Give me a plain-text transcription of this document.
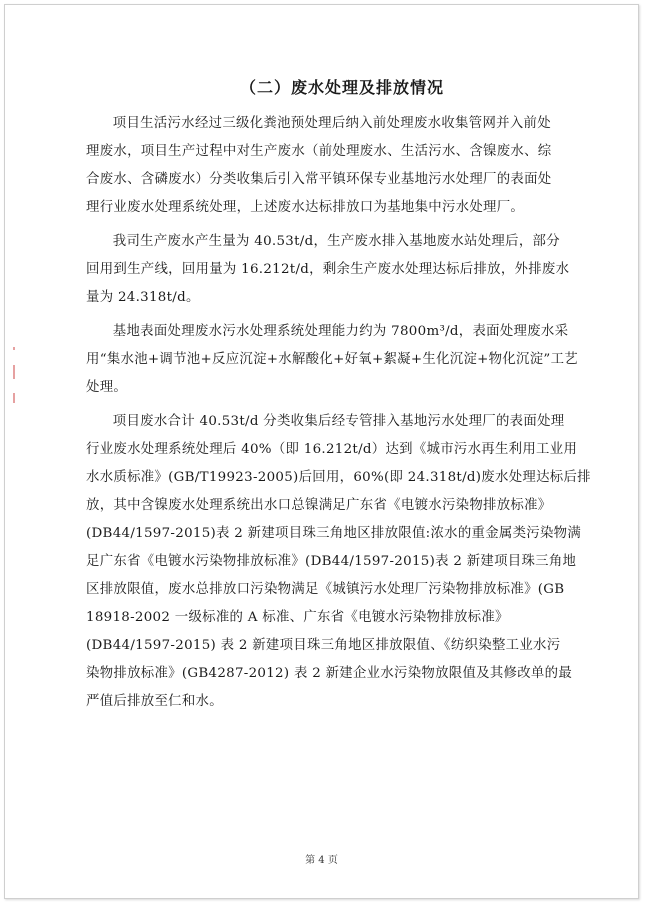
（二）废水处理及排放情况
项目生活污水经过三级化粪池预处理后纳入前处理废水收集管网并入前处
理废水，项目生产过程中对生产废水（前处理废水、生活污水、含镍废水、综
合废水、含磷废水）分类收集后引入常平镇环保专业基地污水处理厂的表面处
理行业废水处理系统处理，上述废水达标排放口为基地集中污水处理厂。
我司生产废水产生量为 40.53t/d，生产废水排入基地废水站处理后，部分
回用到生产线，回用量为 16.212t/d，剩余生产废水处理达标后排放，外排废水
量为 24.318t/d。
基地表面处理废水污水处理系统处理能力约为 7800m³/d，表面处理废水采
用“集水池+调节池+反应沉淀+水解酸化+好氧+絮凝+生化沉淀+物化沉淀”工艺
处理。
项目废水合计 40.53t/d 分类收集后经专管排入基地污水处理厂的表面处理
行业废水处理系统处理后 40%（即 16.212t/d）达到《城市污水再生利用工业用
水水质标准》(GB/T19923-2005)后回用，60%(即 24.318t/d)废水处理达标后排
放，其中含镍废水处理系统出水口总镍满足广东省《电镀水污染物排放标准》
(DB44/1597-2015)表 2 新建项目珠三角地区排放限值:浓水的重金属类污染物满
足广东省《电镀水污染物排放标准》(DB44/1597-2015)表 2 新建项目珠三角地
区排放限值，废水总排放口污染物满足《城镇污水处理厂污染物排放标准》(GB
18918-2002 一级标准的 A 标准、广东省《电镀水污染物排放标准》
(DB44/1597-2015) 表 2 新建项目珠三角地区排放限值、《纺织染整工业水污
染物排放标准》(GB4287-2012) 表 2 新建企业水污染物放限值及其修改单的最
严值后排放至仁和水。
第 4 页
